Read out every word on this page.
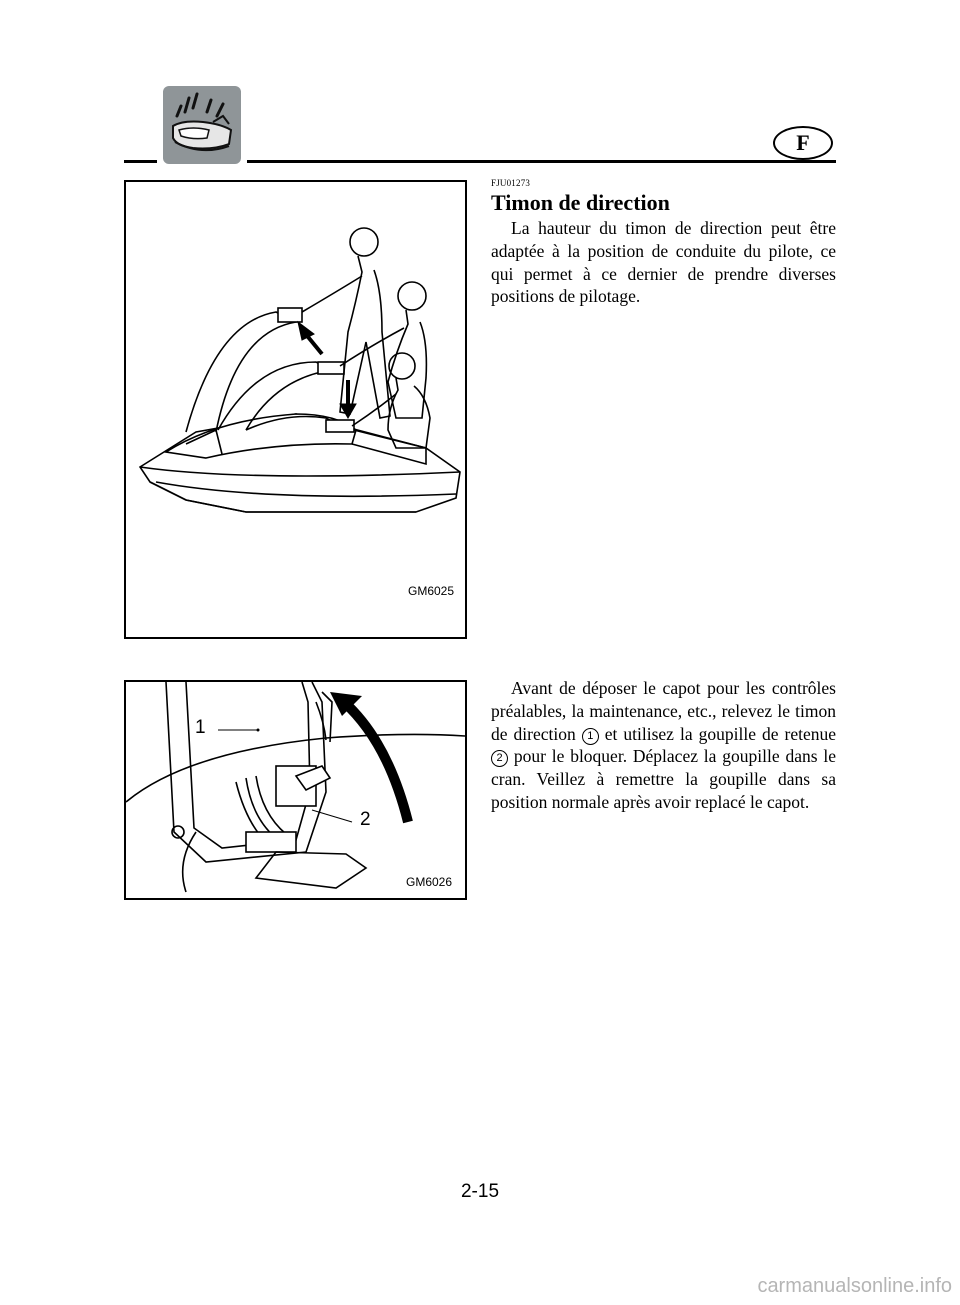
F
GM6025
FJU01273
Timon de direction

La hauteur du timon de direction peut être adaptée à la position de conduite du pilote, ce qui permet à ce dernier de prendre diverses positions de pilotage.

1
2
GM6026

Avant de déposer le capot pour les contrôles préalables, la maintenance, etc., relevez le timon de direction 1 et utilisez la goupille de retenue 2 pour le bloquer. Déplacez la goupille dans le cran. Veillez à remettre la goupille dans sa position normale après avoir replacé le capot.

2-15
carmanualsonline.info
